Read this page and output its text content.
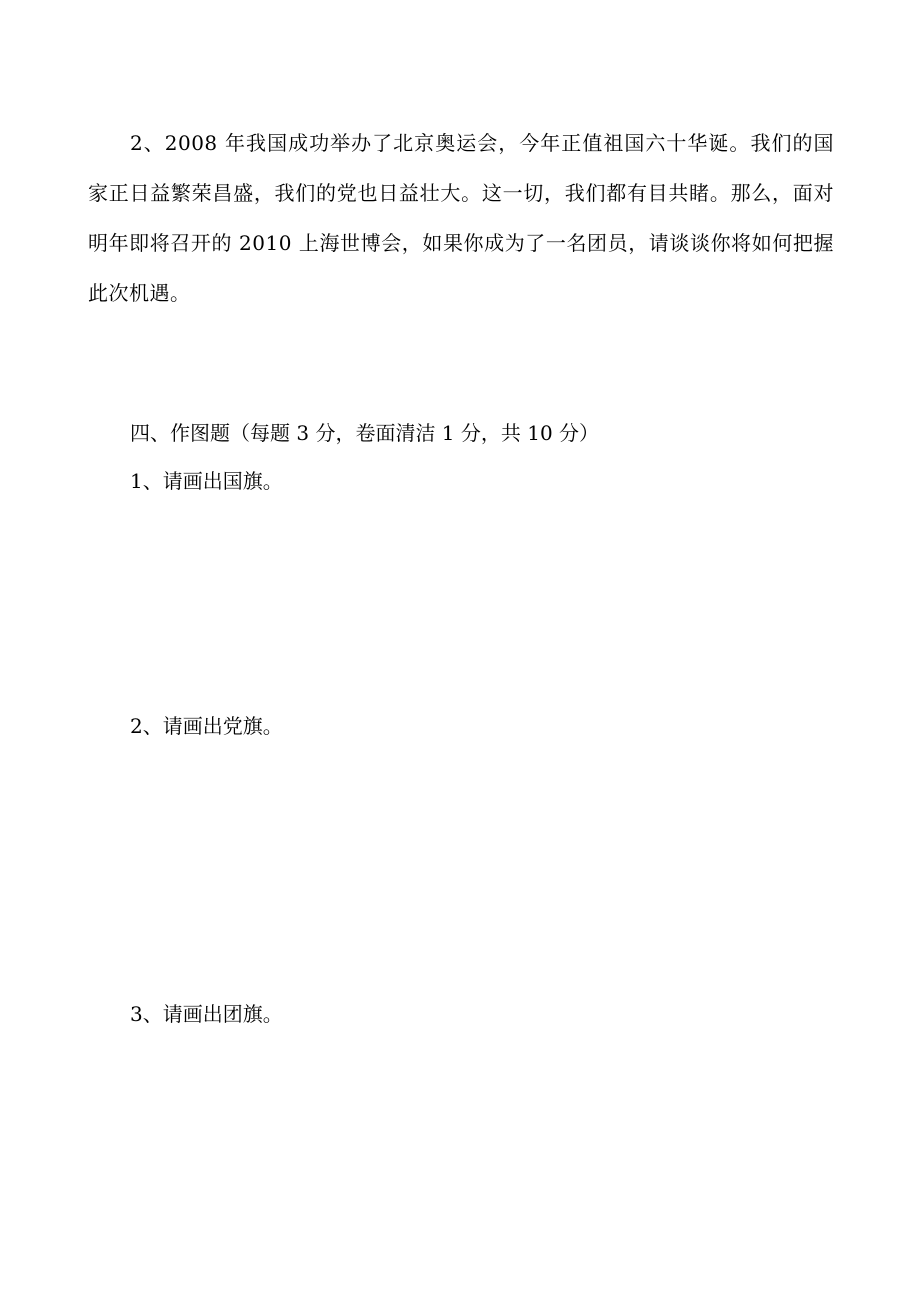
2、2008 年我国成功举办了北京奥运会，今年正值祖国六十华诞。我们的国家正日益繁荣昌盛，我们的党也日益壮大。这一切，我们都有目共睹。那么，面对明年即将召开的 2010 上海世博会，如果你成为了一名团员，请谈谈你将如何把握此次机遇。

四、作图题（每题 3 分，卷面清洁 1 分，共 10 分）

1、请画出国旗。

2、请画出党旗。

3、请画出团旗。
